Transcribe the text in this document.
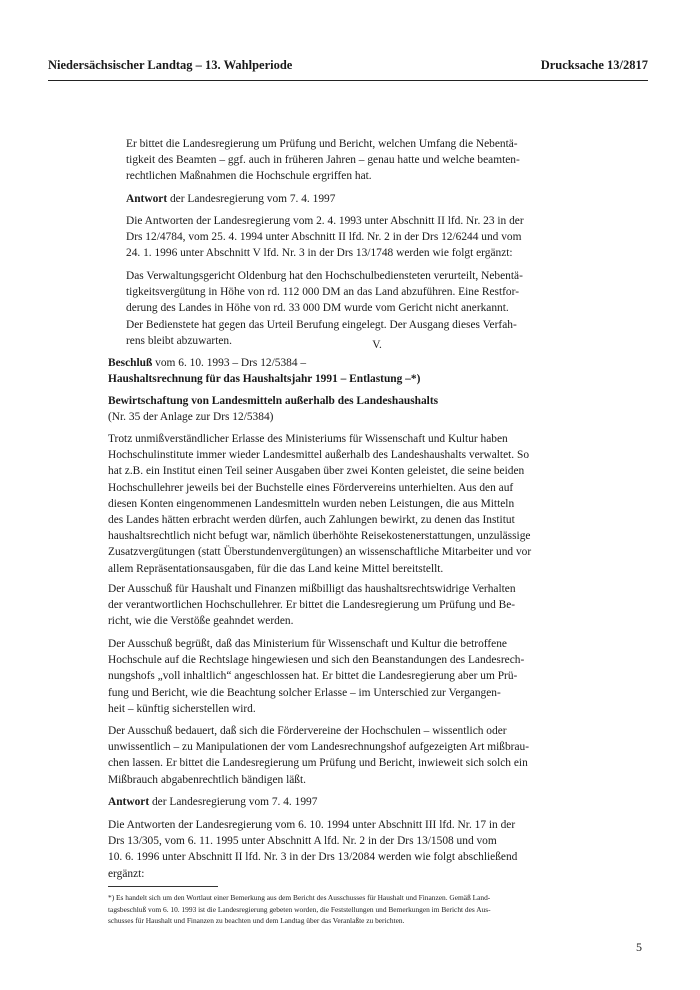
Niedersächsischer Landtag – 13. Wahlperiode	Drucksache 13/2817
Er bittet die Landesregierung um Prüfung und Bericht, welchen Umfang die Nebentä-
tigkeit des Beamten – ggf. auch in früheren Jahren – genau hatte und welche beamten-
rechtlichen Maßnahmen die Hochschule ergriffen hat.
Antwort der Landesregierung vom 7. 4. 1997
Die Antworten der Landesregierung vom 2. 4. 1993 unter Abschnitt II lfd. Nr. 23 in der
Drs 12/4784, vom 25. 4. 1994 unter Abschnitt II lfd. Nr. 2 in der Drs 12/6244 und vom
24. 1. 1996 unter Abschnitt V lfd. Nr. 3 in der Drs 13/1748 werden wie folgt ergänzt:
Das Verwaltungsgericht Oldenburg hat den Hochschulbediensteten verurteilt, Nebentä-
tigkeitsvergütung in Höhe von rd. 112 000 DM an das Land abzuführen. Eine Restfor-
derung des Landes in Höhe von rd. 33 000 DM wurde vom Gericht nicht anerkannt.
Der Bedienstete hat gegen das Urteil Berufung eingelegt. Der Ausgang dieses Verfah-
rens bleibt abzuwarten.	V.
Beschluß vom 6. 10. 1993 – Drs 12/5384 –
Haushaltsrechnung für das Haushaltsjahr 1991 – Entlastung –*)
Bewirtschaftung von Landesmitteln außerhalb des Landeshaushalts
(Nr. 35 der Anlage zur Drs 12/5384)
Trotz unmißverständlicher Erlasse des Ministeriums für Wissenschaft und Kultur haben
Hochschulinstitute immer wieder Landesmittel außerhalb des Landeshaushalts verwaltet. So
hat z.B. ein Institut einen Teil seiner Ausgaben über zwei Konten geleistet, die seine beiden
Hochschullehrer jeweils bei der Buchstelle eines Fördervereins unterhielten. Aus den auf
diesen Konten eingenommenen Landesmitteln wurden neben Leistungen, die aus Mitteln
des Landes hätten erbracht werden dürfen, auch Zahlungen bewirkt, zu denen das Institut
haushaltsrechtlich nicht befugt war, nämlich überhöhte Reisekostenerstattungen, unzulässige
Zusatzvergütungen (statt Überstundenvergütungen) an wissenschaftliche Mitarbeiter und vor
allem Repräsentationsausgaben, für die das Land keine Mittel bereitstellt.
Der Ausschuß für Haushalt und Finanzen mißbilligt das haushaltsrechtswidrige Verhalten
der verantwortlichen Hochschullehrer. Er bittet die Landesregierung um Prüfung und Be-
richt, wie die Verstöße geahndet werden.
Der Ausschuß begrüßt, daß das Ministerium für Wissenschaft und Kultur die betroffene
Hochschule auf die Rechtslage hingewiesen und sich den Beanstandungen des Landesrech-
nungshofs „voll inhaltlich“ angeschlossen hat. Er bittet die Landesregierung aber um Prü-
fung und Bericht, wie die Beachtung solcher Erlasse – im Unterschied zur Vergangen-
heit – künftig sicherstellen wird.
Der Ausschuß bedauert, daß sich die Fördervereine der Hochschulen – wissentlich oder
unwissentlich – zu Manipulationen der vom Landesrechnungshof aufgezeigten Art mißbrau-
chen lassen. Er bittet die Landesregierung um Prüfung und Bericht, inwieweit sich solch ein
Mißbrauch abgabenrechtlich bändigen läßt.
Antwort der Landesregierung vom 7. 4. 1997
Die Antworten der Landesregierung vom 6. 10. 1994 unter Abschnitt III lfd. Nr. 17 in der
Drs 13/305, vom 6. 11. 1995 unter Abschnitt A lfd. Nr. 2 in der Drs 13/1508 und vom
10. 6. 1996 unter Abschnitt II lfd. Nr. 3 in der Drs 13/2084 werden wie folgt abschließend
ergänzt:
*) Es handelt sich um den Wortlaut einer Bemerkung aus dem Bericht des Ausschusses für Haushalt und Finanzen. Gemäß Land-
tagsbeschluß vom 6. 10. 1993 ist die Landesregierung gebeten worden, die Feststellungen und Bemerkungen im Bericht des Aus-
schusses für Haushalt und Finanzen zu beachten und dem Landtag über das Veranlaßte zu berichten.
5
